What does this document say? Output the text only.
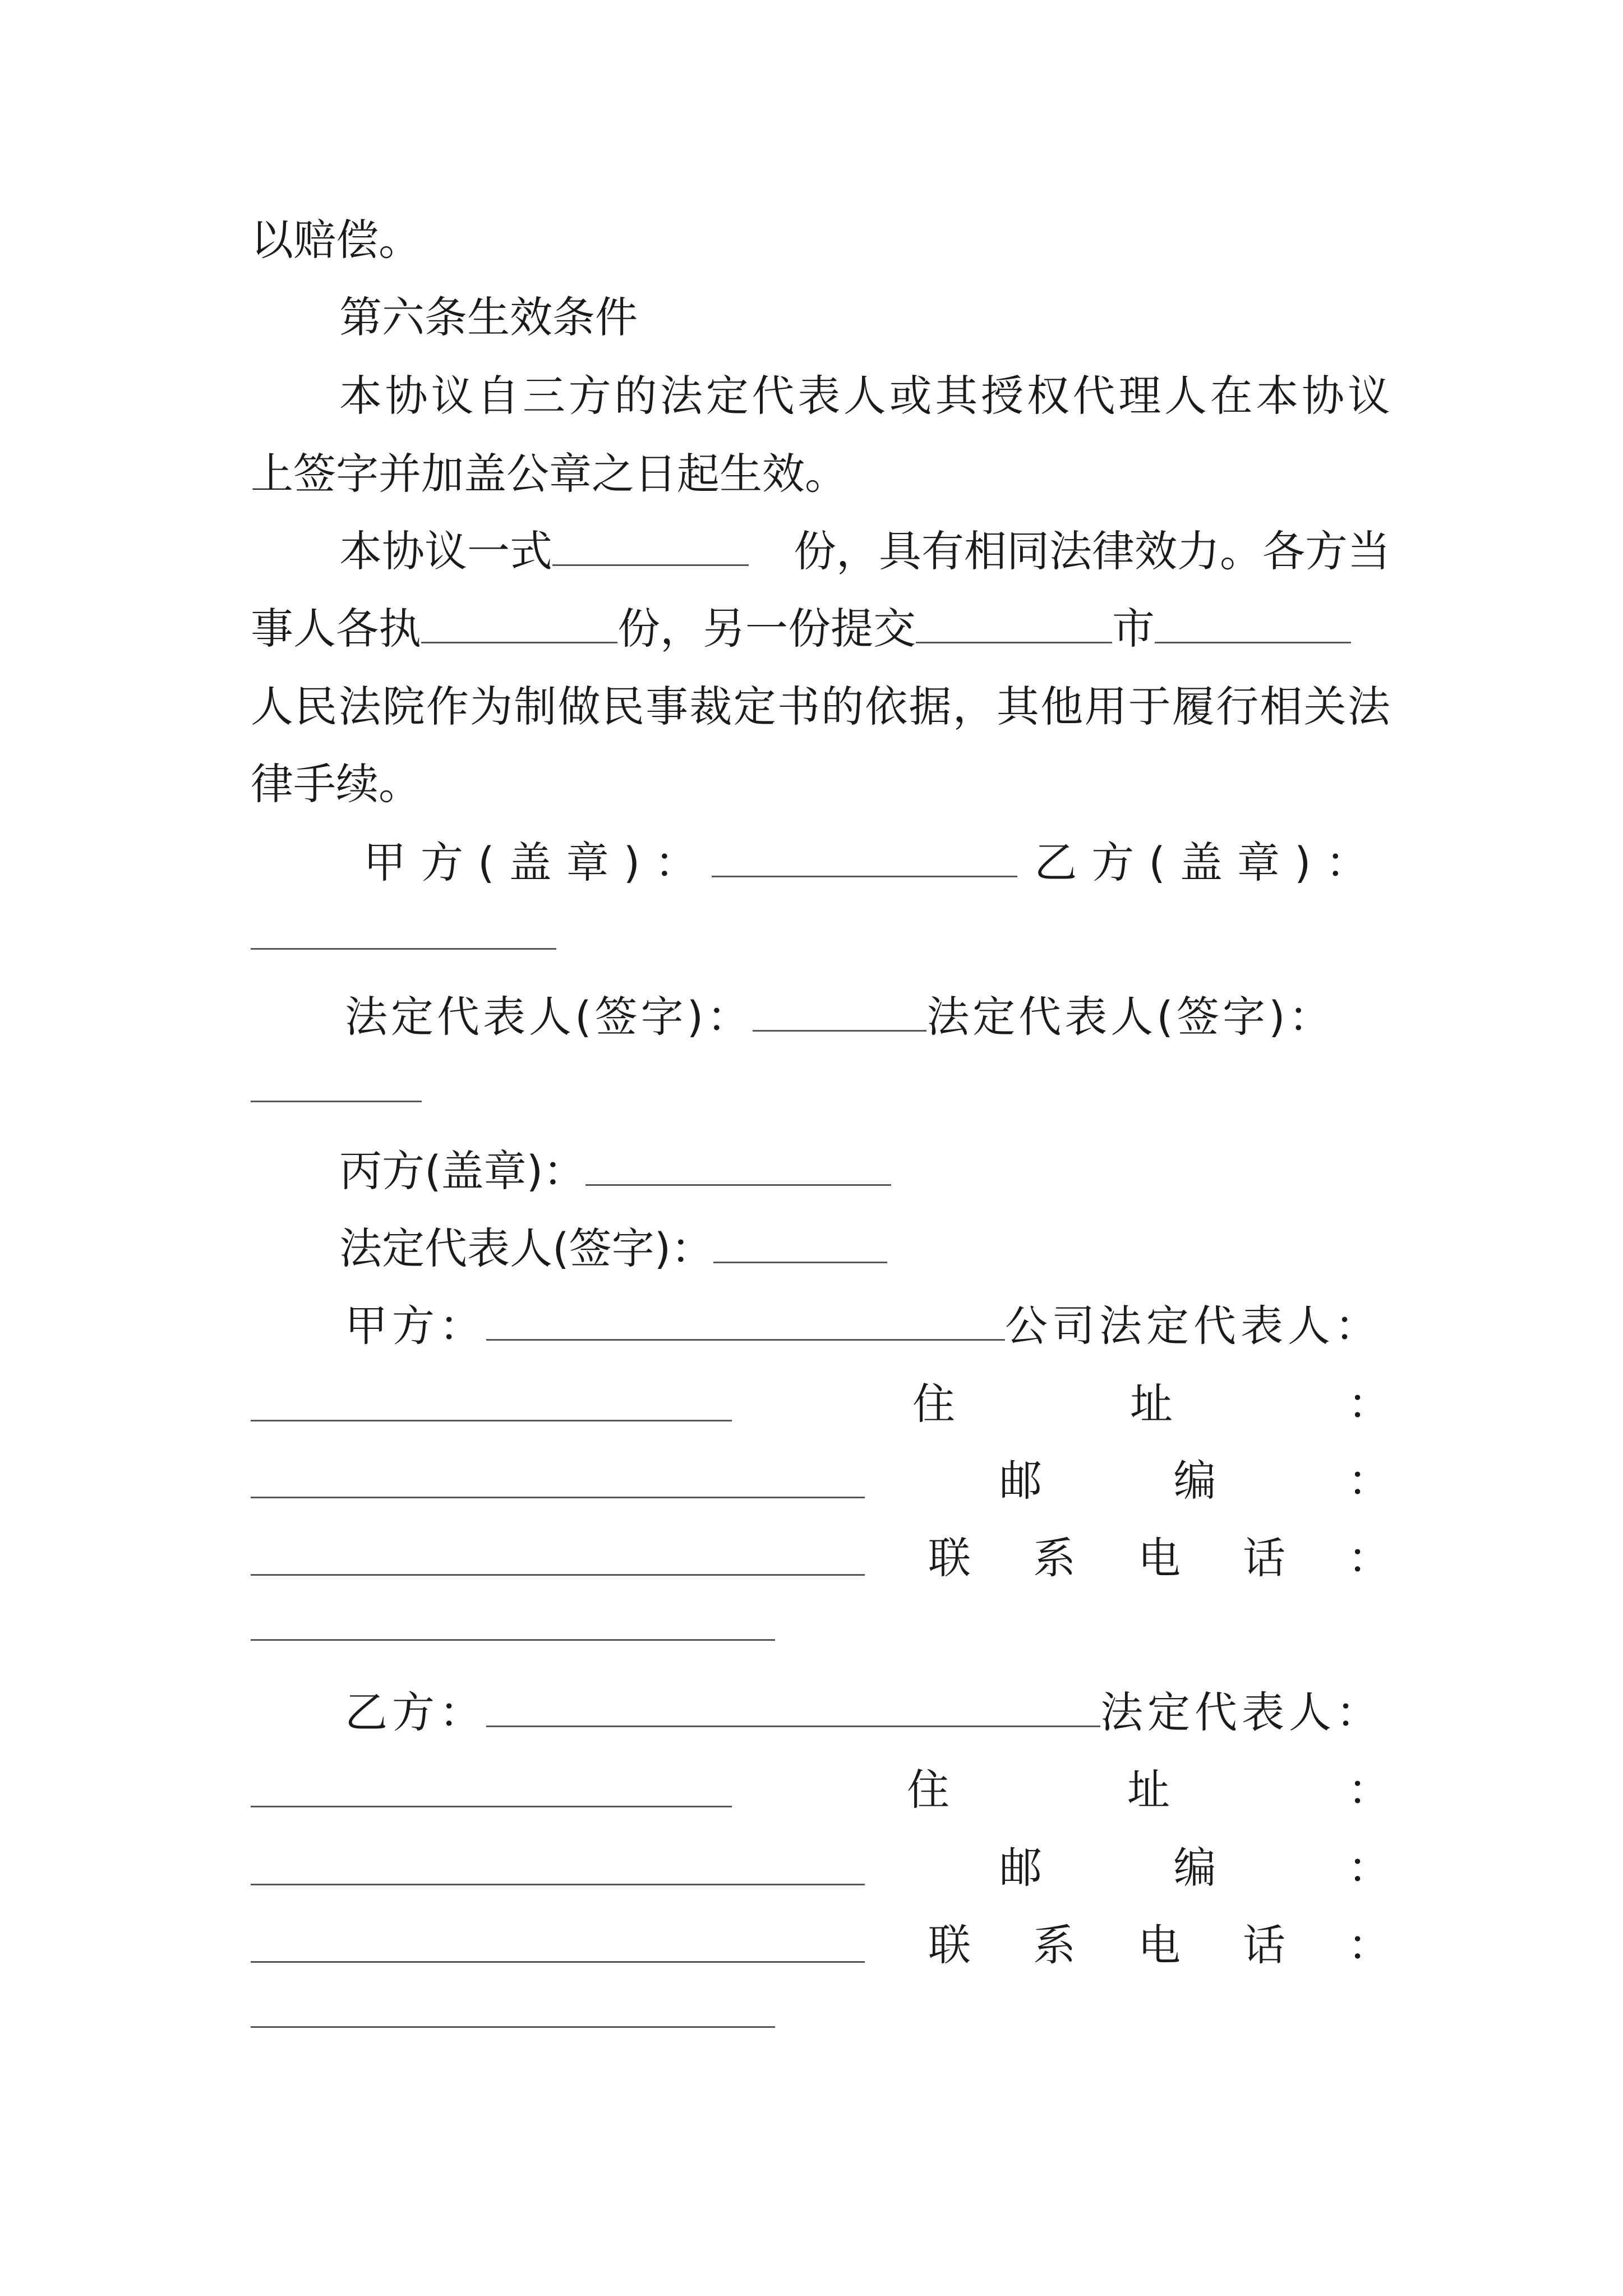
以赔偿。
第六条生效条件
本 协 议 自 三 方 的 法 定 代 表 人 或 其 授 权 代 理 人 在 本 协 议
上签字并加盖公章之日起生效。
本协议一式	份，具有相同法律效力。各方当
事人各执	份，另一份提交	市
人 民 法 院 作 为 制 做 民 事 裁 定 书 的 依 据 ， 其 他 用 于 履 行 相 关 法
律手续。
甲方(盖章)：	乙方(盖章)：
法定代表人(签字)：	法定代表人(签字)：
丙方(盖章)：
法定代表人(签字)：
甲方：	公司法定代表人：
住	址	：
邮	编	：
联 系 电 话 ：
乙方：	法定代表人：
住	址	：
邮	编	：
联 系 电 话 ：
